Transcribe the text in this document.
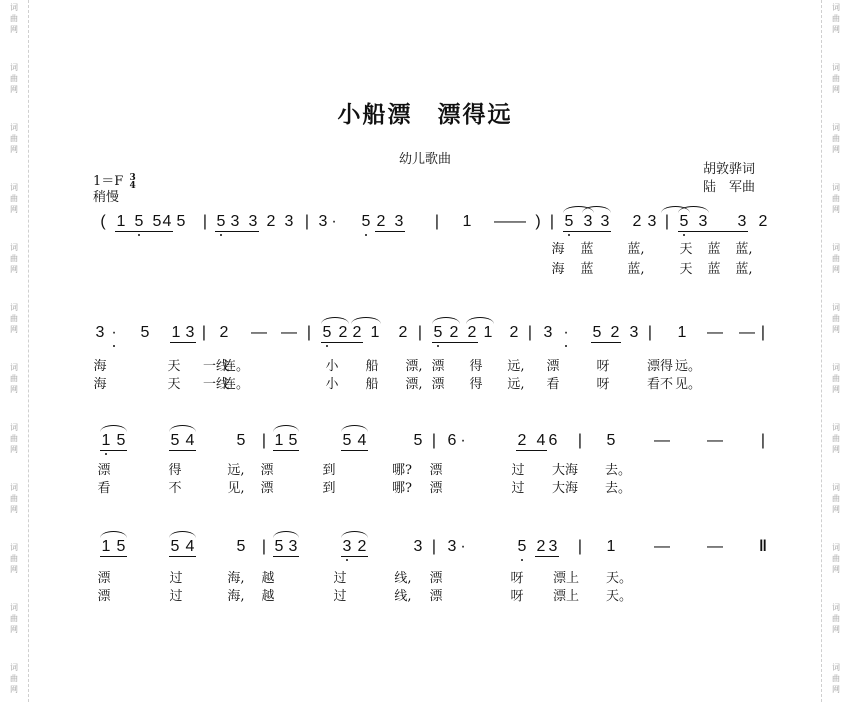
词
曲
网
词
曲
网
词
曲
网
词
曲
网
词
曲
网
词
曲
网
词
曲
网
词
曲
网
词
曲
网
词
曲
网
词
曲
网
词
曲
网
词
曲
网
词
曲
网
词
曲
网
词
曲
网
词
曲
网
词
曲
网
词
曲
网
词
曲
网
词
曲
网
词
曲
网
词
曲
网
词
曲
网
小船漂　漂得远
幼儿歌曲
胡敦骅词
陆　军曲
1＝F 3
4
稍慢
( 1 5 5 4 5 | 5 3 3 2 3 | 3 · 5 2 3 | 1 — — ) | 5 3 3 2 3 | 5 3 3 2
海 蓝	蓝,	天 蓝 蓝,
海 蓝	蓝,	天 蓝 蓝,
3 · 5 1 3 | 2 — — | 5 2 2 1 2 | 5 2 2 1 2 | 3 · 5 2 3 | 1 — — |
海	天 一线
连。	小 船 漂, 漂 得 远, 漂	呀	漂得 远。
海	天 一线
连。	小 船 漂, 漂 得 远, 看	呀	看不 见。
1 5	5 4	5 | 1 5	5 4	5 | 6 ·	2 4 6 | 5 — — |
漂	得	远, 漂	到	哪? 漂	过 大海 去。
看	不	见, 漂	到	哪? 漂	过 大海 去。
1 5	5 4	5 | 5 3	3 2	3 | 3 ·	5 2 3 | 1 — — ‖
漂	过	海, 越	过	线, 漂	呀 漂上 天。
漂	过	海, 越	过	线, 漂	呀 漂上 天。
